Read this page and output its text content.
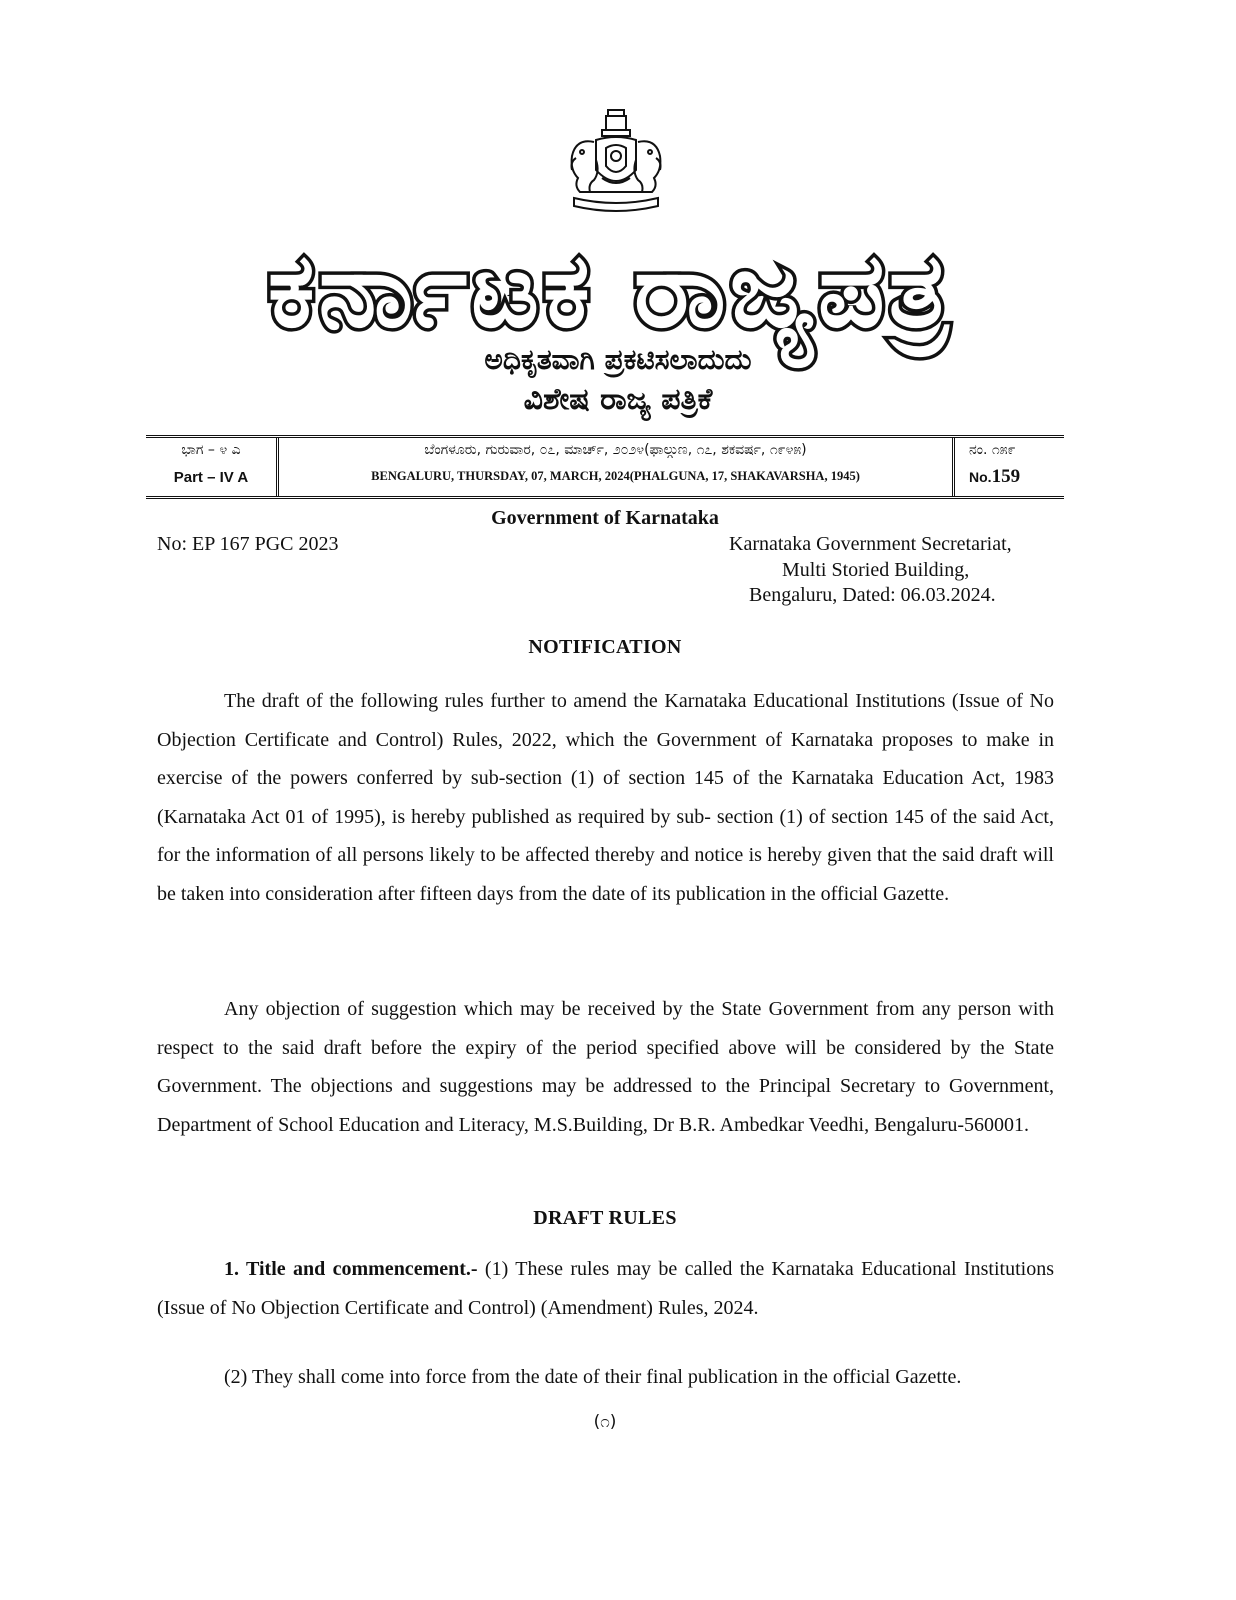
ಕರ್ನಾಟಕ ರಾಜ್ಯಪತ್ರ
ಅಧಿಕೃತವಾಗಿ ಪ್ರಕಟಿಸಲಾದುದು
ವಿಶೇಷ ರಾಜ್ಯ ಪತ್ರಿಕೆ
ಭಾಗ – ೪ ಎ
Part – IV A
ಬೆಂಗಳೂರು, ಗುರುವಾರ, ೦೭, ಮಾರ್ಚ್, ೨೦೨೪(ಫಾಲ್ಗುಣ, ೧೭, ಶಕವರ್ಷ, ೧೯೪೫)
BENGALURU, THURSDAY, 07, MARCH, 2024(PHALGUNA, 17, SHAKAVARSHA, 1945)
ನಂ. ೧೫೯
No.159
Government of Karnataka
No: EP 167 PGC 2023	Karnataka Government Secretariat,
Multi Storied Building,
Bengaluru, Dated: 06.03.2024.
NOTIFICATION

The draft of the following rules further to amend the Karnataka Educational Institutions (Issue of No Objection Certificate and Control) Rules, 2022, which the Government of Karnataka proposes to make in exercise of the powers conferred by sub-section (1) of section 145 of the Karnataka Education Act, 1983 (Karnataka Act 01 of 1995), is hereby published as required by sub- section (1) of section 145 of the said Act, for the information of all persons likely to be affected thereby and notice is hereby given that the said draft will be taken into consideration after fifteen days from the date of its publication in the official Gazette.

Any objection of suggestion which may be received by the State Government from any person with respect to the said draft before the expiry of the period specified above will be considered by the State Government. The objections and suggestions may be addressed to the Principal Secretary to Government, Department of School Education and Literacy, M.S.Building, Dr B.R. Ambedkar Veedhi, Bengaluru-560001.

DRAFT RULES

1. Title and commencement.- (1) These rules may be called the Karnataka Educational Institutions (Issue of No Objection Certificate and Control) (Amendment) Rules, 2024.

(2) They shall come into force from the date of their final publication in the official Gazette.

(೧)
